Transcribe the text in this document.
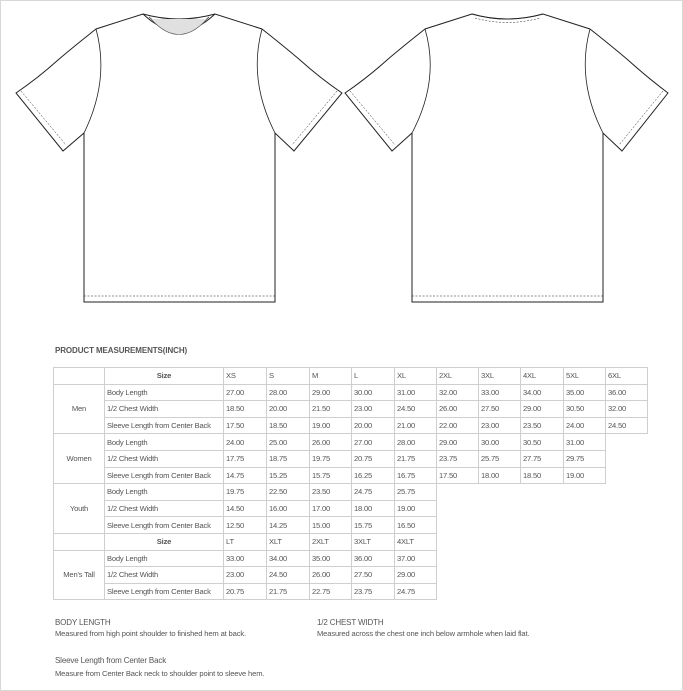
PRODUCT MEASUREMENTS(INCH)
	Size	XS	S	M	L	XL	2XL	3XL	4XL	5XL	6XL
Men	Body Length	27.00	28.00	29.00	30.00	31.00	32.00	33.00	34.00	35.00	36.00
	1/2 Chest Width	18.50	20.00	21.50	23.00	24.50	26.00	27.50	29.00	30.50	32.00
	Sleeve Length from Center Back	17.50	18.50	19.00	20.00	21.00	22.00	23.00	23.50	24.00	24.50
Women	Body Length	24.00	25.00	26.00	27.00	28.00	29.00	30.00	30.50	31.00	
	1/2 Chest Width	17.75	18.75	19.75	20.75	21.75	23.75	25.75	27.75	29.75	
	Sleeve Length from Center Back	14.75	15.25	15.75	16.25	16.75	17.50	18.00	18.50	19.00	
Youth	Body Length	19.75	22.50	23.50	24.75	25.75					
	1/2 Chest Width	14.50	16.00	17.00	18.00	19.00					
	Sleeve Length from Center Back	12.50	14.25	15.00	15.75	16.50					
	Size	LT	XLT	2XLT	3XLT	4XLT					
Men's Tall	Body Length	33.00	34.00	35.00	36.00	37.00					
	1/2 Chest Width	23.00	24.50	26.00	27.50	29.00					
	Sleeve Length from Center Back	20.75	21.75	22.75	23.75	24.75					
BODY LENGTH
Measured from high point shoulder to finished hem at back.
1/2 CHEST WIDTH
Measured across the chest one inch below armhole when laid flat.
Sleeve Length from Center Back
Measure from Center Back neck to shoulder point to sleeve hem.
